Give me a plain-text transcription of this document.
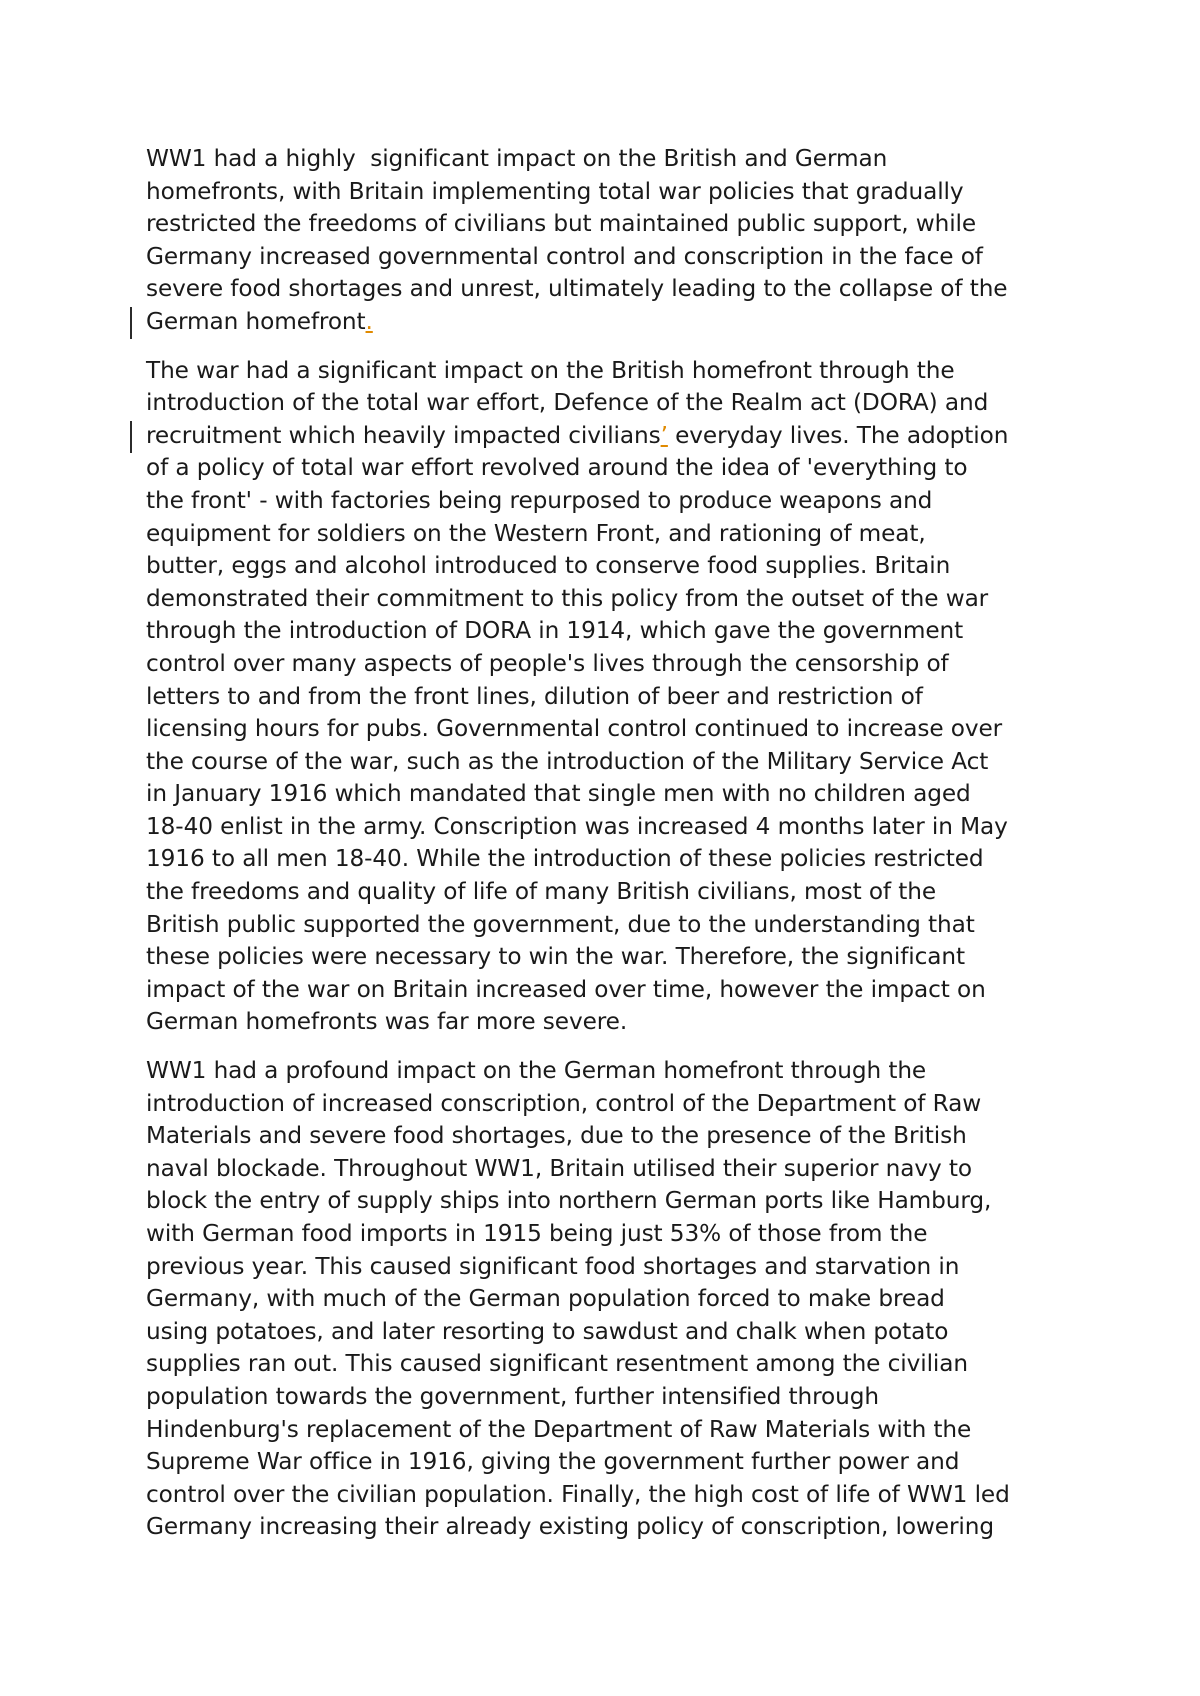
WW1 had a highly  significant impact on the British and German
homefronts, with Britain implementing total war policies that gradually
restricted the freedoms of civilians but maintained public support, while
Germany increased governmental control and conscription in the face of
severe food shortages and unrest, ultimately leading to the collapse of the
German homefront.
The war had a significant impact on the British homefront through the
introduction of the total war effort, Defence of the Realm act (DORA) and
recruitment which heavily impacted civilians’ everyday lives. The adoption
of a policy of total war effort revolved around the idea of 'everything to
the front' - with factories being repurposed to produce weapons and
equipment for soldiers on the Western Front, and rationing of meat,
butter, eggs and alcohol introduced to conserve food supplies. Britain
demonstrated their commitment to this policy from the outset of the war
through the introduction of DORA in 1914, which gave the government
control over many aspects of people's lives through the censorship of
letters to and from the front lines, dilution of beer and restriction of
licensing hours for pubs. Governmental control continued to increase over
the course of the war, such as the introduction of the Military Service Act
in January 1916 which mandated that single men with no children aged
18-40 enlist in the army. Conscription was increased 4 months later in May
1916 to all men 18-40. While the introduction of these policies restricted
the freedoms and quality of life of many British civilians, most of the
British public supported the government, due to the understanding that
these policies were necessary to win the war. Therefore, the significant
impact of the war on Britain increased over time, however the impact on
German homefronts was far more severe.
WW1 had a profound impact on the German homefront through the
introduction of increased conscription, control of the Department of Raw
Materials and severe food shortages, due to the presence of the British
naval blockade. Throughout WW1, Britain utilised their superior navy to
block the entry of supply ships into northern German ports like Hamburg,
with German food imports in 1915 being just 53% of those from the
previous year. This caused significant food shortages and starvation in
Germany, with much of the German population forced to make bread
using potatoes, and later resorting to sawdust and chalk when potato
supplies ran out. This caused significant resentment among the civilian
population towards the government, further intensified through
Hindenburg's replacement of the Department of Raw Materials with the
Supreme War office in 1916, giving the government further power and
control over the civilian population. Finally, the high cost of life of WW1 led
Germany increasing their already existing policy of conscription, lowering
